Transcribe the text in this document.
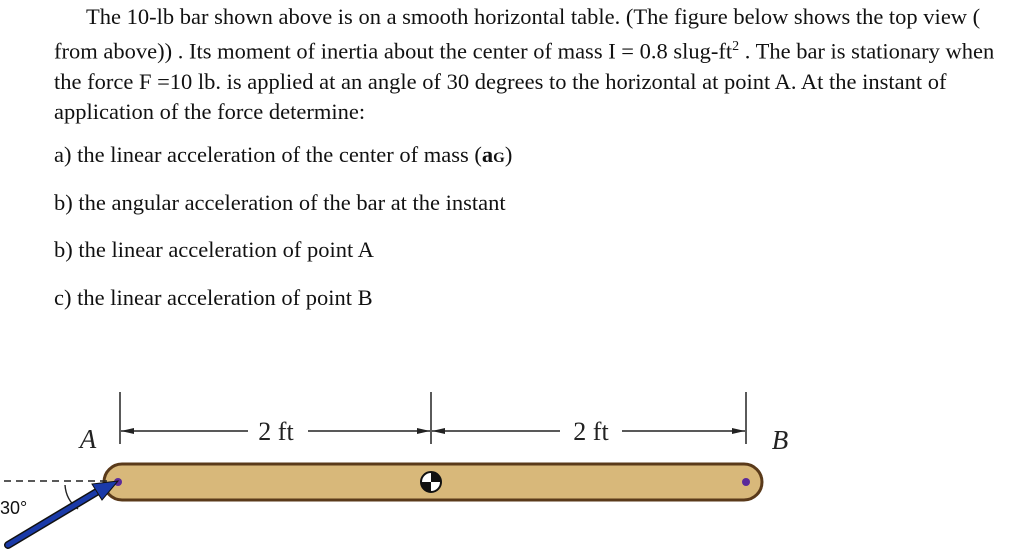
The 10-lb bar shown above is on a smooth horizontal table. (The figure below shows the top view ( from above)) . Its moment of inertia about the center of mass I = 0.8 slug-$ft^2$ . The bar is stationary when the force F =10 lb. is applied at an angle of 30 degrees to the horizontal at point A. At the instant of application of the force determine:

a) the linear acceleration of the center of mass (aG)

b) the angular acceleration of the bar at the instant

b) the linear acceleration of point A

c) the linear acceleration of point B

2 ft	2 ft
A	B
30°
